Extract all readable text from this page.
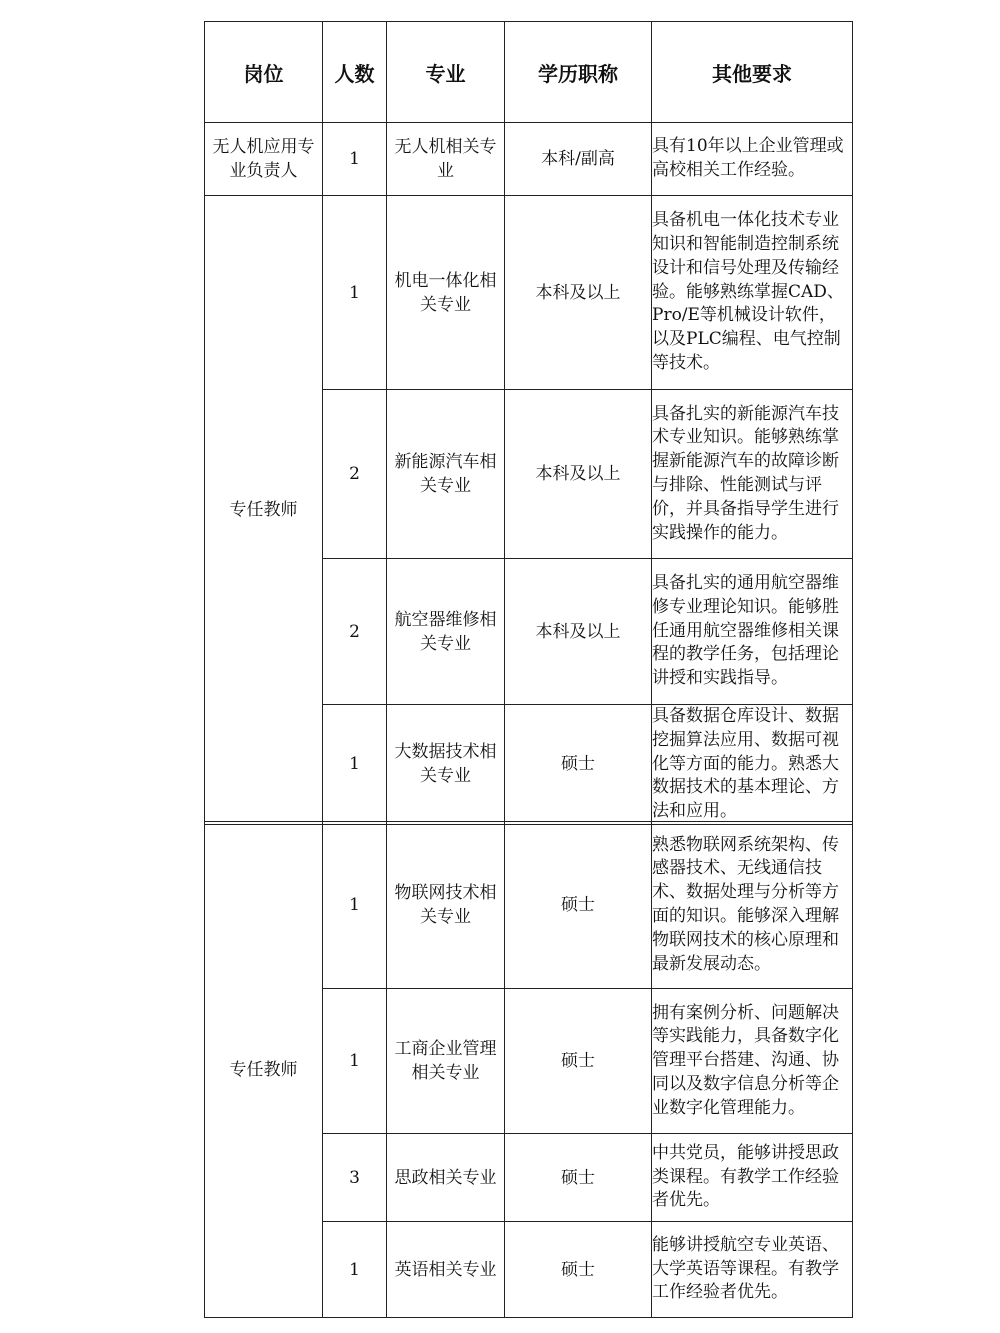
岗位	人数	专业	学历职称	其他要求
无人机应用专业负责人	1	无人机相关专业	本科/副高	具有10年以上企业管理或高校相关工作经验。
专任教师	1	机电一体化相关专业	本科及以上	具备机电一体化技术专业知识和智能制造控制系统设计和信号处理及传输经验。能够熟练掌握CAD、Pro/E等机械设计软件，以及PLC编程、电气控制等技术。
	2	新能源汽车相关专业	本科及以上	具备扎实的新能源汽车技术专业知识。能够熟练掌握新能源汽车的故障诊断与排除、性能测试与评价，并具备指导学生进行实践操作的能力。
	2	航空器维修相关专业	本科及以上	具备扎实的通用航空器维修专业理论知识。能够胜任通用航空器维修相关课程的教学任务，包括理论讲授和实践指导。
	1	大数据技术相关专业	硕士	具备数据仓库设计、数据挖掘算法应用、数据可视化等方面的能力。熟悉大数据技术的基本理论、方法和应用。
专任教师	1	物联网技术相关专业	硕士	熟悉物联网系统架构、传感器技术、无线通信技术、数据处理与分析等方面的知识。能够深入理解物联网技术的核心原理和最新发展动态。
	1	工商企业管理相关专业	硕士	拥有案例分析、问题解决等实践能力，具备数字化管理平台搭建、沟通、协同以及数字信息分析等企业数字化管理能力。
	3	思政相关专业	硕士	中共党员，能够讲授思政类课程。有教学工作经验者优先。
	1	英语相关专业	硕士	能够讲授航空专业英语、大学英语等课程。有教学工作经验者优先。
